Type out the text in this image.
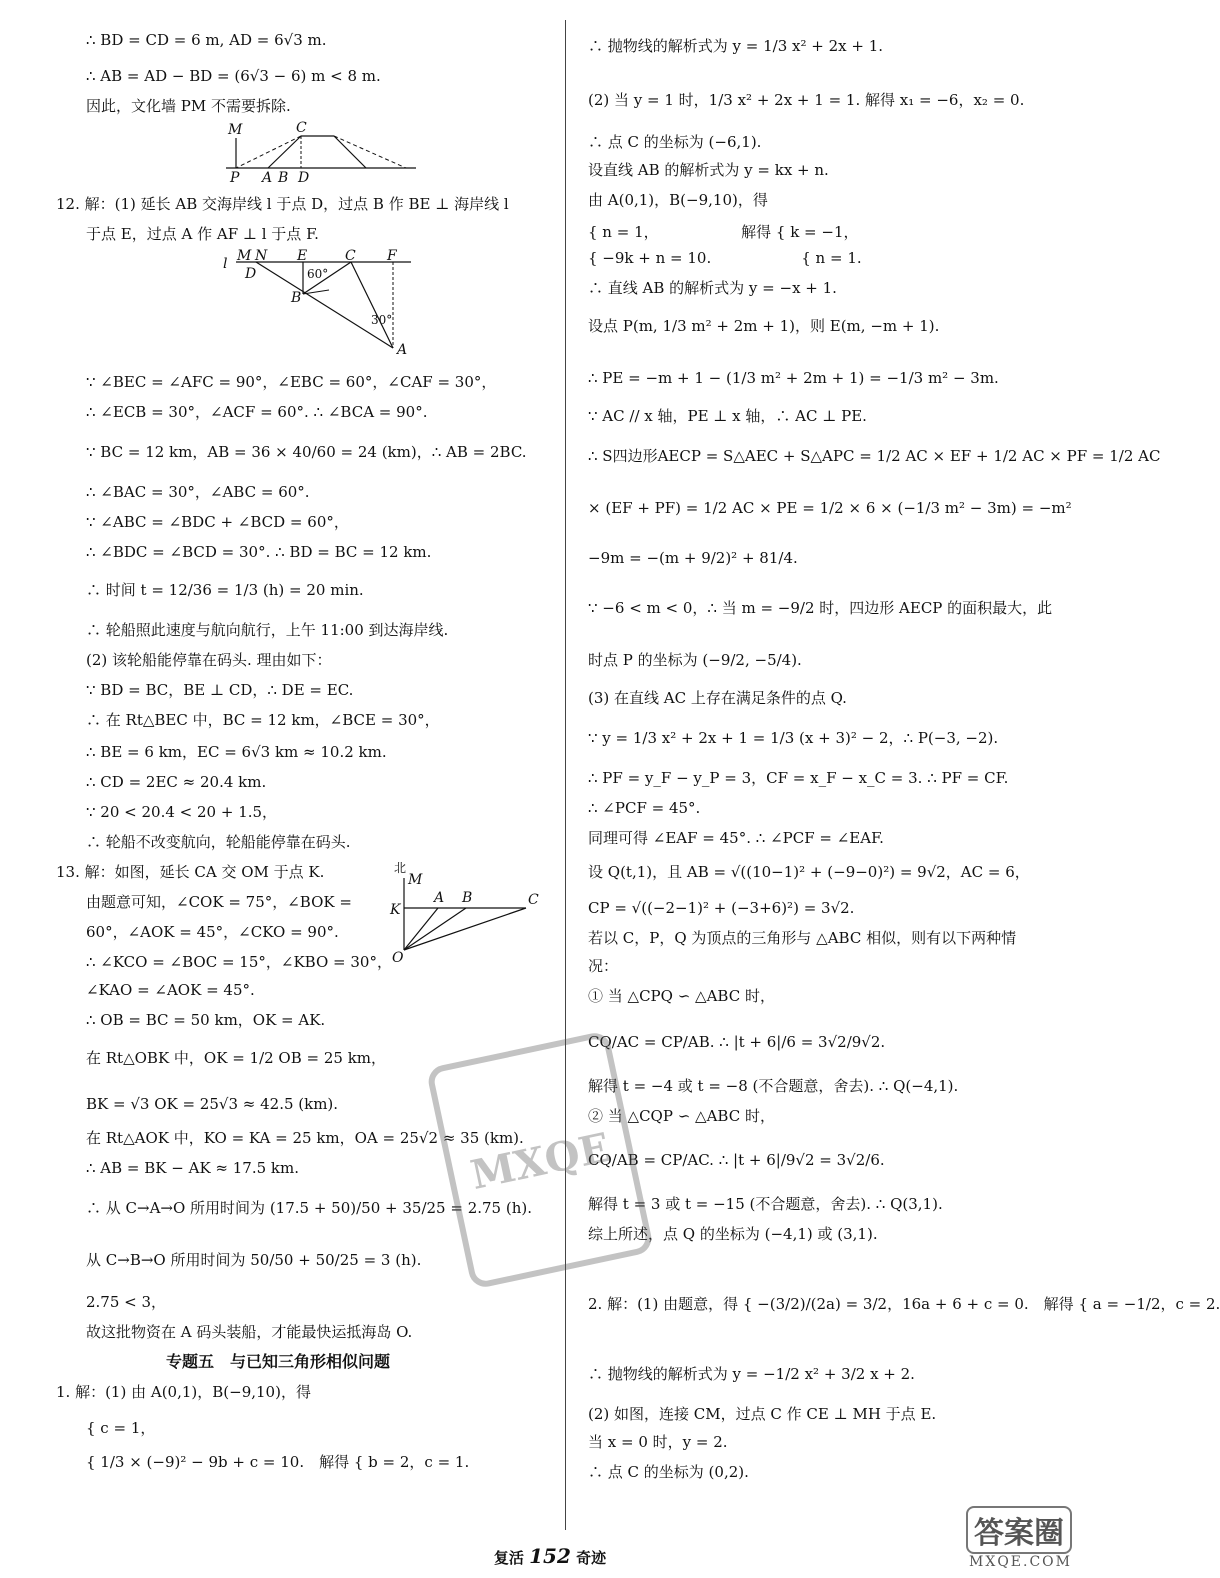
∴ BD = CD = 6 m, AD = 6√3 m.
∴ AB = AD − BD = (6√3 − 6) m < 8 m.
因此，文化墙 PM 不需要拆除.
M	C
P A B D
12. 解：(1) 延长 AB 交海岸线 l 于点 D，过点 B 作 BE ⊥ 海岸线 l
于点 E，过点 A 作 AF ⊥ l 于点 F.
l M N E	C F
D
B
A
60°
30°
∵ ∠BEC = ∠AFC = 90°，∠EBC = 60°，∠CAF = 30°，
∴ ∠ECB = 30°，∠ACF = 60°. ∴ ∠BCA = 90°.
∵ BC = 12 km，AB = 36 × 40/60 = 24 (km)，∴ AB = 2BC.
∴ ∠BAC = 30°，∠ABC = 60°.
∵ ∠ABC = ∠BDC + ∠BCD = 60°，
∴ ∠BDC = ∠BCD = 30°. ∴ BD = BC = 12 km.
∴ 时间 t = 12/36 = 1/3 (h) = 20 min.
∴ 轮船照此速度与航向航行，上午 11:00 到达海岸线.
(2) 该轮船能停靠在码头. 理由如下：
∵ BD = BC，BE ⊥ CD，∴ DE = EC.
∴ 在 Rt△BEC 中，BC = 12 km，∠BCE = 30°，
∴ BE = 6 km，EC = 6√3 km ≈ 10.2 km.
∴ CD = 2EC ≈ 20.4 km.
∵ 20 < 20.4 < 20 + 1.5，
∴ 轮船不改变航向，轮船能停靠在码头.
13. 解：如图，延长 CA 交 OM 于点 K.
由题意可知，∠COK = 75°，∠BOK =
60°，∠AOK = 45°，∠CKO = 90°.
北
M
K
A B	C
O
∴ ∠KCO = ∠BOC = 15°，∠KBO = 30°，
∠KAO = ∠AOK = 45°.
∴ OB = BC = 50 km，OK = AK.
在 Rt△OBK 中，OK = 1/2 OB = 25 km，
BK = √3 OK = 25√3 ≈ 42.5 (km).
在 Rt△AOK 中，KO = KA = 25 km，OA = 25√2 ≈ 35 (km).
∴ AB = BK − AK ≈ 17.5 km.
∴ 从 C→A→O 所用时间为 (17.5 + 50)/50 + 35/25 = 2.75 (h).
从 C→B→O 所用时间为 50/50 + 50/25 = 3 (h).
2.75 < 3，
故这批物资在 A 码头装船，才能最快运抵海岛 O.
专题五　与已知三角形相似问题
1. 解：(1) 由 A(0,1)，B(−9,10)，得
{ c = 1，
{ 1/3 × (−9)² − 9b + c = 10.　解得 { b = 2，c = 1.
∴ 抛物线的解析式为 y = 1/3 x² + 2x + 1.
(2) 当 y = 1 时，1/3 x² + 2x + 1 = 1. 解得 x₁ = −6，x₂ = 0.
∴ 点 C 的坐标为 (−6,1).
设直线 AB 的解析式为 y = kx + n.
由 A(0,1)，B(−9,10)，得
{ n = 1，　　　　　　解得 { k = −1，
{ −9k + n = 10.　　　　　　{ n = 1.
∴ 直线 AB 的解析式为 y = −x + 1.
设点 P(m, 1/3 m² + 2m + 1)，则 E(m, −m + 1).
∴ PE = −m + 1 − (1/3 m² + 2m + 1) = −1/3 m² − 3m.
∵ AC // x 轴，PE ⊥ x 轴，∴ AC ⊥ PE.
∴ S四边形AECP = S△AEC + S△APC = 1/2 AC × EF + 1/2 AC × PF = 1/2 AC
× (EF + PF) = 1/2 AC × PE = 1/2 × 6 × (−1/3 m² − 3m) = −m²
−9m = −(m + 9/2)² + 81/4.
∵ −6 < m < 0，∴ 当 m = −9/2 时，四边形 AECP 的面积最大，此
时点 P 的坐标为 (−9/2, −5/4).
(3) 在直线 AC 上存在满足条件的点 Q.
∵ y = 1/3 x² + 2x + 1 = 1/3 (x + 3)² − 2，∴ P(−3, −2).
∴ PF = y_F − y_P = 3，CF = x_F − x_C = 3. ∴ PF = CF.
∴ ∠PCF = 45°.
同理可得 ∠EAF = 45°. ∴ ∠PCF = ∠EAF.
设 Q(t,1)，且 AB = √((10−1)² + (−9−0)²) = 9√2，AC = 6，
CP = √((−2−1)² + (−3+6)²) = 3√2.
若以 C，P，Q 为顶点的三角形与 △ABC 相似，则有以下两种情
况：
① 当 △CPQ ∽ △ABC 时，
CQ/AC = CP/AB. ∴ |t + 6|/6 = 3√2/9√2.
解得 t = −4 或 t = −8 (不合题意，舍去). ∴ Q(−4,1).
② 当 △CQP ∽ △ABC 时，
CQ/AB = CP/AC. ∴ |t + 6|/9√2 = 3√2/6.
解得 t = 3 或 t = −15 (不合题意，舍去). ∴ Q(3,1).
综上所述，点 Q 的坐标为 (−4,1) 或 (3,1).
2. 解：(1) 由题意，得 { −(3/2)/(2a) = 3/2，16a + 6 + c = 0.　解得 { a = −1/2，c = 2.
∴ 抛物线的解析式为 y = −1/2 x² + 3/2 x + 2.
(2) 如图，连接 CM，过点 C 作 CE ⊥ MH 于点 E.
当 x = 0 时，y = 2.
∴ 点 C 的坐标为 (0,2).
MXQE
复活 152 奇迹
答案圈
MXQE.COM
